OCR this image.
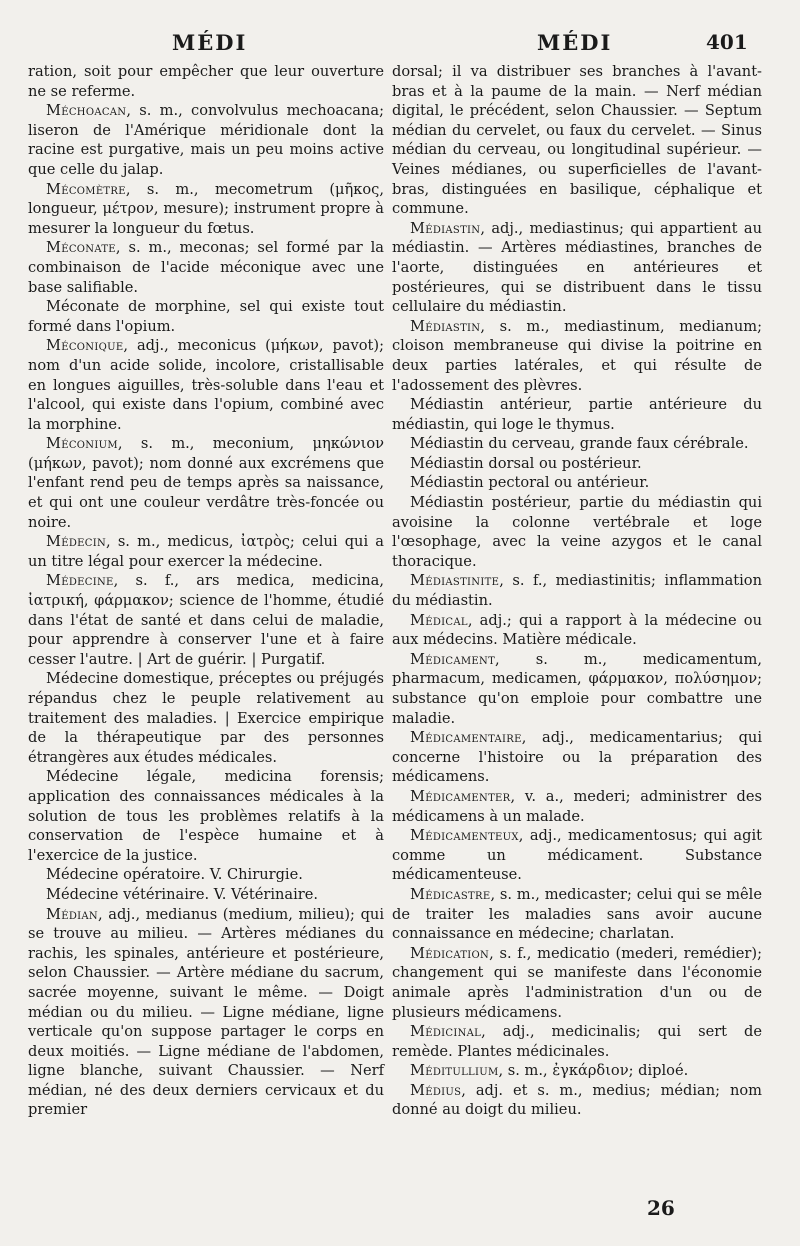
MÉDI	MÉDI	401

ration, soit pour empêcher que leur ouverture ne se referme.

Méchoacan, s. m., convolvulus mechoacana; liseron de l'Amérique méridionale dont la racine est purgative, mais un peu moins active que celle du jalap.

Mécomètre, s. m., mecometrum (μῆκος, longueur, μέτρον, mesure); instrument propre à mesurer la longueur du fœtus.

Méconate, s. m., meconas; sel formé par la combinaison de l'acide méconique avec une base salifiable.

Méconate de morphine, sel qui existe tout formé dans l'opium.

Méconique, adj., meconicus (μήκων, pavot); nom d'un acide solide, incolore, cristallisable en longues aiguilles, très-soluble dans l'eau et l'alcool, qui existe dans l'opium, combiné avec la morphine.

Méconium, s. m., meconium, μηκώνιον (μήκων, pavot); nom donné aux excrémens que l'enfant rend peu de temps après sa naissance, et qui ont une couleur verdâtre très-foncée ou noire.

Médecin, s. m., medicus, ἰατρὸς; celui qui a un titre légal pour exercer la médecine.

Médecine, s. f., ars medica, medicina, ἰατρική, φάρμακον; science de l'homme, étudié dans l'état de santé et dans celui de maladie, pour apprendre à conserver l'une et à faire cesser l'autre. | Art de guérir. | Purgatif.

Médecine domestique, préceptes ou préjugés répandus chez le peuple relativement au traitement des maladies. | Exercice empirique de la thérapeutique par des personnes étrangères aux études médicales.

Médecine légale, medicina forensis; application des connaissances médicales à la solution de tous les problèmes relatifs à la conservation de l'espèce humaine et à l'exercice de la justice.

Médecine opératoire. V. Chirurgie.

Médecine vétérinaire. V. Vétérinaire.

Médian, adj., medianus (medium, milieu); qui se trouve au milieu. — Artères médianes du rachis, les spinales, antérieure et postérieure, selon Chaussier. — Artère médiane du sacrum, sacrée moyenne, suivant le même. — Doigt médian ou du milieu. — Ligne médiane, ligne verticale qu'on suppose partager le corps en deux moitiés. — Ligne médiane de l'abdomen, ligne blanche, suivant Chaussier. — Nerf médian, né des deux derniers cervicaux et du premier

dorsal; il va distribuer ses branches à l'avant-bras et à la paume de la main. — Nerf médian digital, le précédent, selon Chaussier. — Septum médian du cervelet, ou faux du cervelet. — Sinus médian du cerveau, ou longitudinal supérieur. — Veines médianes, ou superficielles de l'avant-bras, distinguées en basilique, céphalique et commune.

Médiastin, adj., mediastinus; qui appartient au médiastin. — Artères médiastines, branches de l'aorte, distinguées en antérieures et postérieures, qui se distribuent dans le tissu cellulaire du médiastin.

Médiastin, s. m., mediastinum, medianum; cloison membraneuse qui divise la poitrine en deux parties latérales, et qui résulte de l'adossement des plèvres.

Médiastin antérieur, partie antérieure du médiastin, qui loge le thymus.

Médiastin du cerveau, grande faux cérébrale.

Médiastin dorsal ou postérieur.

Médiastin pectoral ou antérieur.

Médiastin postérieur, partie du médiastin qui avoisine la colonne vertébrale et loge l'œsophage, avec la veine azygos et le canal thoracique.

Médiastinite, s. f., mediastinitis; inflammation du médiastin.

Médical, adj.; qui a rapport à la médecine ou aux médecins. Matière médicale.

Médicament, s. m., medicamentum, pharmacum, medicamen, φάρμακον, πολύσημον; substance qu'on emploie pour combattre une maladie.

Médicamentaire, adj., medicamentarius; qui concerne l'histoire ou la préparation des médicamens.

Médicamenter, v. a., mederi; administrer des médicamens à un malade.

Médicamenteux, adj., medicamentosus; qui agit comme un médicament. Substance médicamenteuse.

Médicastre, s. m., medicaster; celui qui se mêle de traiter les maladies sans avoir aucune connaissance en médecine; charlatan.

Médication, s. f., medicatio (mederi, remédier); changement qui se manifeste dans l'économie animale après l'administration d'un ou de plusieurs médicamens.

Médicinal, adj., medicinalis; qui sert de remède. Plantes médicinales.

Méditullium, s. m., ἐγκάρδιον; diploé.

Médius, adj. et s. m., medius; médian; nom donné au doigt du milieu.

26
